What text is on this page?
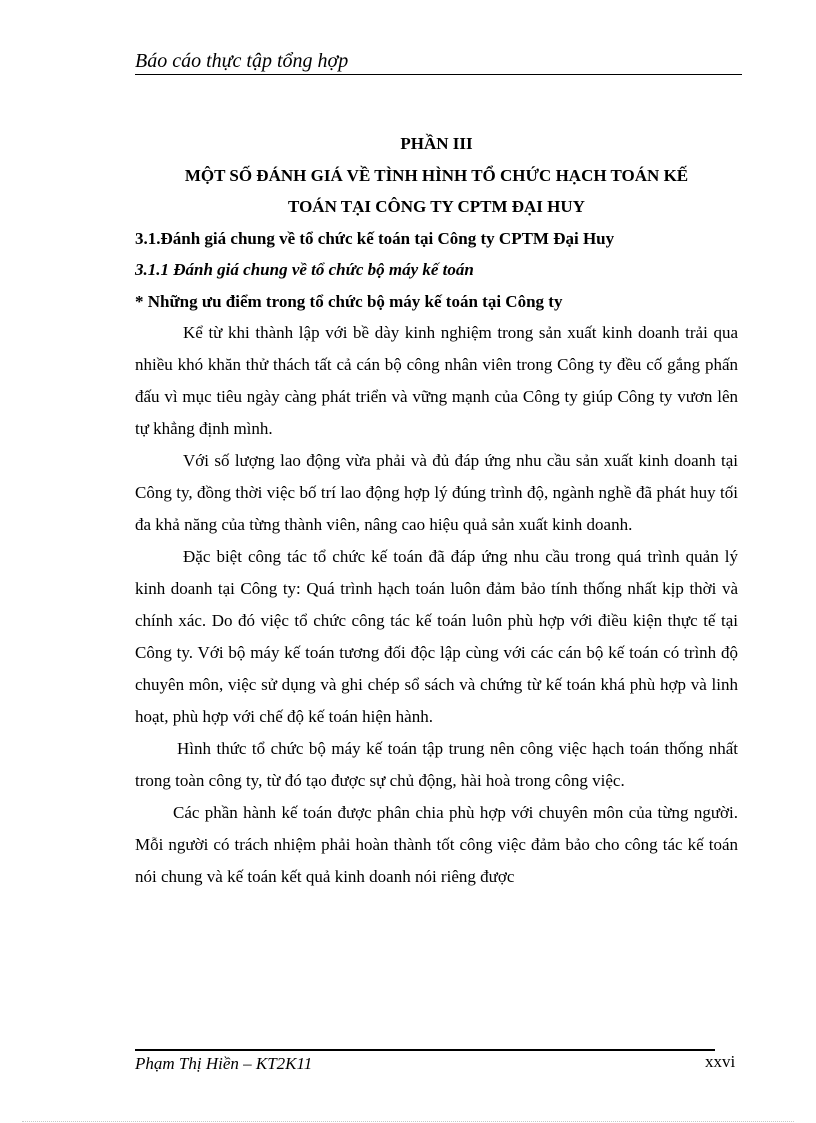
Báo cáo thực tập tổng hợp
PHẦN III
MỘT SỐ ĐÁNH GIÁ VỀ TÌNH HÌNH TỔ CHỨC HẠCH TOÁN KẾ
TOÁN TẠI CÔNG TY CPTM ĐẠI HUY
3.1.Đánh giá chung về tổ chức kế toán tại Công ty CPTM Đại Huy
3.1.1 Đánh giá chung về tổ chức bộ máy kế toán
* Những ưu điểm trong tổ chức bộ máy kế toán tại Công ty

Kể từ khi thành lập với bề dày kinh nghiệm trong sản xuất kinh doanh trải qua nhiều khó khăn thử thách tất cả cán bộ công nhân viên trong Công ty đều cố gắng phấn đấu vì mục tiêu ngày càng phát triển và vững mạnh của Công ty giúp Công ty vươn lên tự khẳng định mình.

Với số lượng lao động vừa phải và đủ đáp ứng nhu cầu sản xuất kinh doanh tại Công ty, đồng thời việc bố trí lao động hợp lý đúng trình độ, ngành nghề đã phát huy tối đa khả năng của từng thành viên, nâng cao hiệu quả sản xuất kinh doanh.

Đặc biệt công tác tổ chức kế toán đã đáp ứng nhu cầu trong quá trình quản lý kinh doanh tại Công ty: Quá trình hạch toán luôn đảm bảo tính thống nhất kịp thời và chính xác. Do đó việc tổ chức công tác kế toán luôn phù hợp với điều kiện thực tế tại Công ty. Với bộ máy kế toán tương đối độc lập cùng với các cán bộ kế toán có trình độ chuyên môn, việc sử dụng và ghi chép sổ sách và chứng từ kế toán khá phù hợp và linh hoạt, phù hợp với chế độ kế toán hiện hành.

Hình thức tổ chức bộ máy kế toán tập trung nên công việc hạch toán thống nhất trong toàn công ty, từ đó tạo được sự chủ động, hài hoà trong công việc.

Các phần hành kế toán được phân chia phù hợp với chuyên môn của từng người. Mỗi người có trách nhiệm phải hoàn thành tốt công việc đảm bảo cho công tác kế toán nói chung và kế toán kết quả kinh doanh nói riêng được

Phạm Thị Hiền – KT2K11	xxvi
